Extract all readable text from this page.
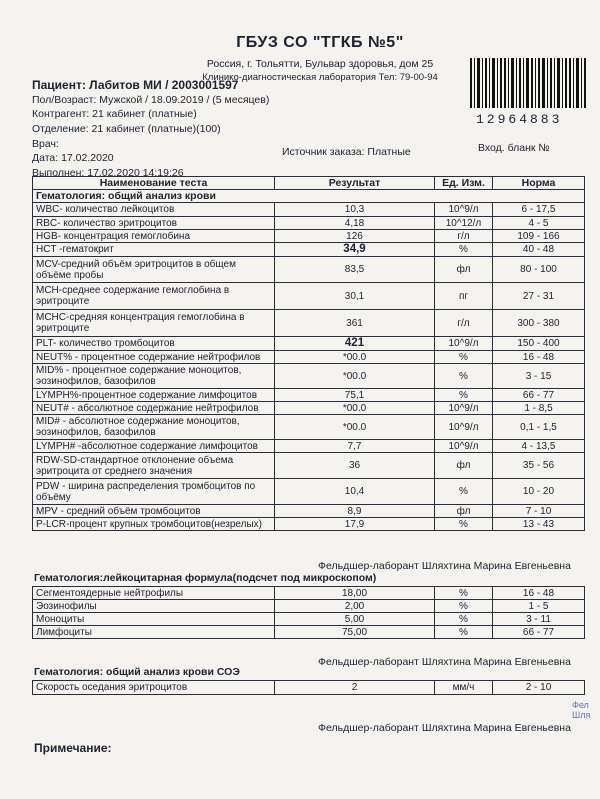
ГБУЗ СО "ТГКБ №5"
Россия, г. Тольятти, Бульвар здоровья, дом 25
Клинико-диагностическая лаборатория Тел: 79-00-94
12964883
Пациент: Лабитов МИ / 2003001597
Пол/Возраст: Мужской / 18.09.2019 / (5 месяцев)
Контрагент: 21 кабинет (платные)
Отделение: 21 кабинет (платные)(100)
Врач:
Дата: 17.02.2020
Выполнен: 17.02.2020 14:19:26
Источник заказа: Платные	Вход. бланк №
Наименование теста	Результат	Ед. Изм.	Норма
Гематология: общий анализ крови			
WBC- количество лейкоцитов	10,3	10^9/л	6 - 17,5
RBC- количество эритроцитов	4,18	10^12/л	4 - 5
HGB- концентрация гемоглобина	126	г/л	109 - 166
HCT -гематокрит	34,9	%	40 - 48
MCV-средний объём эритроцитов в общем объёме пробы	83,5	фл	80 - 100
MCH-среднее содержание гемоглобина в эритроците	30,1	пг	27 - 31
MCHC-средняя концентрация гемоглобина в эритроците	361	г/л	300 - 380
PLT- количество тромбоцитов	421	10^9/л	150 - 400
NEUT% - процентное содержание нейтрофилов	*00.0	%	16 - 48
MID% - процентное содержание моноцитов, эозинофилов, базофилов	*00.0	%	3 - 15
LYMPH%-процентное содержание лимфоцитов	75,1	%	66 - 77
NEUT# - абсолютное содержание нейтрофилов	*00.0	10^9/л	1 - 8,5
MID# - абсолютное содержание моноцитов, эозинофилов, базофилов	*00.0	10^9/л	0,1 - 1,5
LYMPH# -абсолютное содержание лимфоцитов	7,7	10^9/л	4 - 13,5
RDW-SD-стандартное отклонение объема эритроцита от среднего значения	36	фл	35 - 56
PDW - ширина распределения тромбоцитов по объёму	10,4	%	10 - 20
MPV - средний объём тромбоцитов	8,9	фл	7 - 10
P-LCR-процент крупных тромбоцитов(незрелых)	17,9	%	13 - 43
Фельдшер-лаборант Шляхтина Марина Евгеньевна
Гематология:лейкоцитарная формула(подсчет под микроскопом)
Сегментоядерные нейтрофилы	18,00	%	16 - 48
Эозинофилы	2,00	%	1 - 5
Моноциты	5,00	%	3 - 11
Лимфоциты	75,00	%	66 - 77
Фельдшер-лаборант Шляхтина Марина Евгеньевна
Гематология: общий анализ крови СОЭ
Скорость оседания эритроцитов	2	мм/ч	2 - 10
Фельдшер-лаборант Шляхтина Марина Евгеньевна
Фел Шля
Примечание:
